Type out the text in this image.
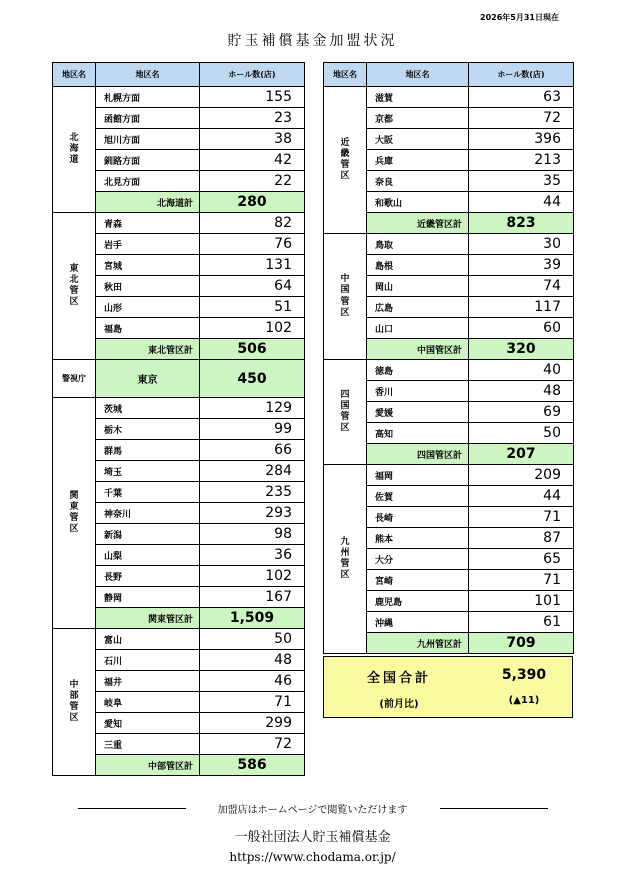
2026年5月31日現在
貯玉補償基金加盟状況
地区名	地区名	ホール数(店)

北
海
道	札幌方面	155
	函館方面	23
	旭川方面	38
	釧路方面	42
	北見方面	22
	北海道計	280

東
北
管
区	青森	82
	岩手	76
	宮城	131
	秋田	64
	山形	51
	福島	102
	東北管区計	506
警視庁	東京	450

関
東
管
区	茨城	129
	栃木	99
	群馬	66
	埼玉	284
	千葉	235
	神奈川	293
	新潟	98
	山梨	36
	長野	102
	静岡	167
	関東管区計	1,509

中
部
管
区	富山	50
	石川	48
	福井	46
	岐阜	71
	愛知	299
	三重	72
	中部管区計	586
地区名	地区名	ホール数(店)

近
畿
管
区	滋賀	63
	京都	72
	大阪	396
	兵庫	213
	奈良	35
	和歌山	44
	近畿管区計	823

中
国
管
区	鳥取	30
	島根	39
	岡山	74
	広島	117
	山口	60
	中国管区計	320

四
国
管
区	徳島	40
	香川	48
	愛媛	69
	高知	50
	四国管区計	207

九
州
管
区	福岡	209
	佐賀	44
	長崎	71
	熊本	87
	大分	65
	宮崎	71
	鹿児島	101
	沖縄	61
	九州管区計	709
全国合計
(前月比)
5,390
(▲11)
加盟店はホームページで閲覧いただけます
一般社団法人貯玉補償基金
https://www.chodama.or.jp/
